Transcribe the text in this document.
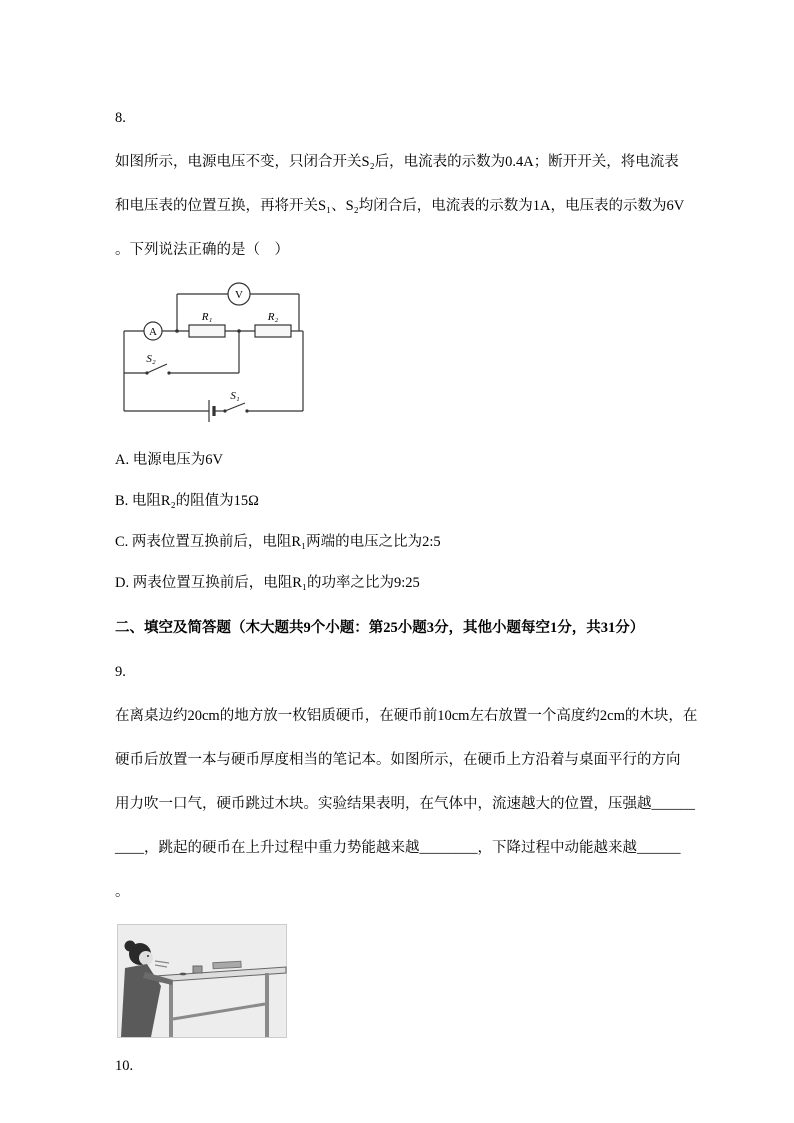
8.
如图所示，电源电压不变，只闭合开关S₂后，电流表的示数为0.4A；断开开关，将电流表
和电压表的位置互换，再将开关S₁、S₂均闭合后，电流表的示数为1A，电压表的示数为6V
。下列说法正确的是（　）
V
A
R₁	R₂
S₂
S₁
A. 电源电压为6V
B. 电阻R₂的阻值为15Ω
C. 两表位置互换前后，电阻R₁两端的电压之比为2:5
D. 两表位置互换前后，电阻R₁的功率之比为9:25
二、填空及简答题（木大题共9个小题：第25小题3分，其他小题每空1分，共31分）
9.
在离桌边约20cm的地方放一枚铝质硬币，在硬币前10cm左右放置一个高度约2cm的木块，在
硬币后放置一本与硬币厚度相当的笔记本。如图所示，在硬币上方沿着与桌面平行的方向
用力吹一口气，硬币跳过木块。实验结果表明，在气体中，流速越大的位置，压强越______
____，跳起的硬币在上升过程中重力势能越来越________，下降过程中动能越来越______
。
10.
